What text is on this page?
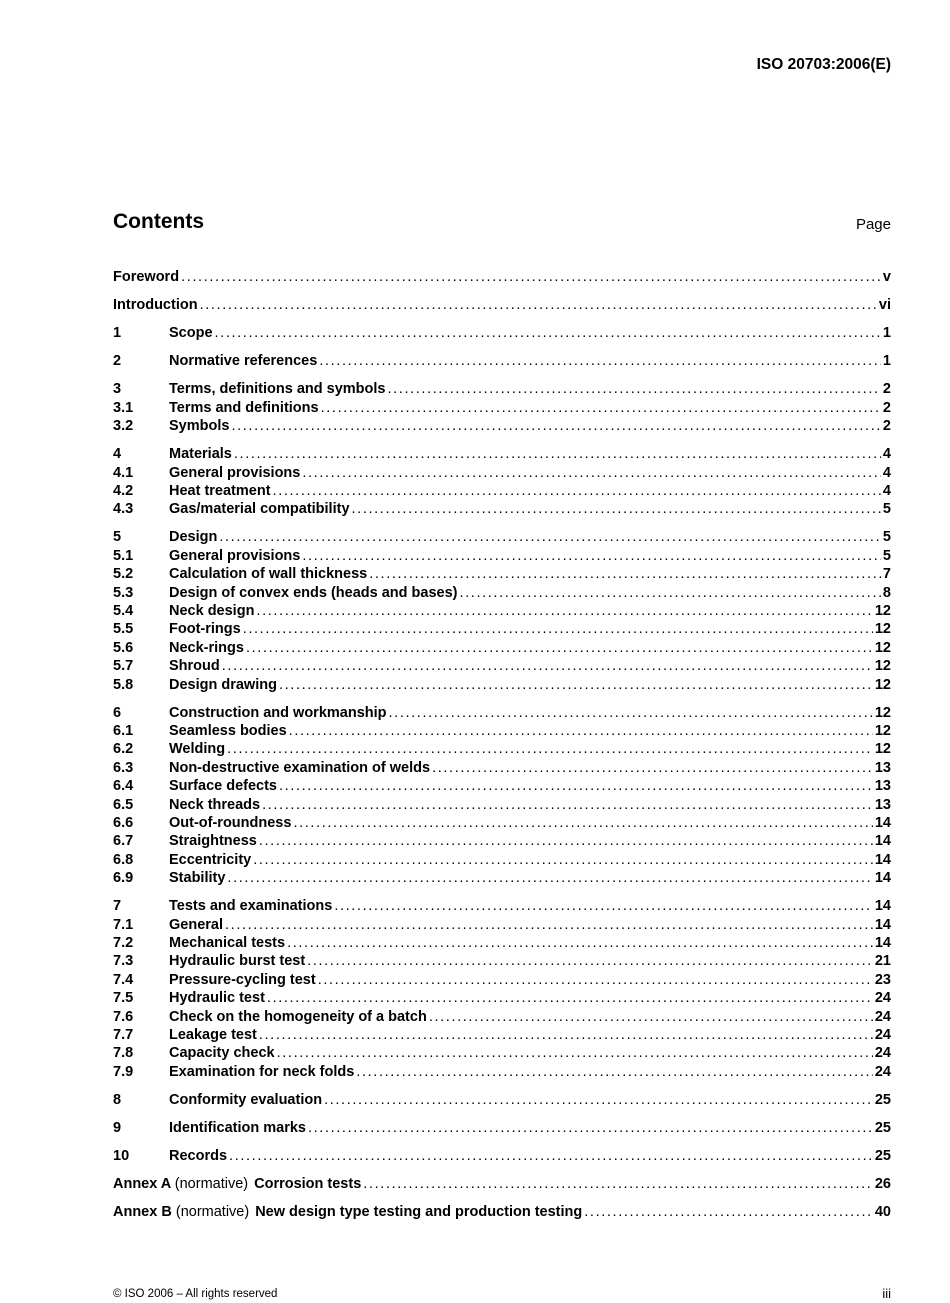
ISO 20703:2006(E)
Contents	Page
Foreword . . .	v
Introduction . . .	vi
1	Scope . . .	1
2	Normative references . . .	1
3	Terms, definitions and symbols . . .	2
3.1	Terms and definitions . . .	2
3.2	Symbols . . .	2
4	Materials . . .	4
4.1	General provisions . . .	4
4.2	Heat treatment . . .	4
4.3	Gas/material compatibility . . .	5
5	Design . . .	5
5.1	General provisions . . .	5
5.2	Calculation of wall thickness . . .	7
5.3	Design of convex ends (heads and bases) . . .	8
5.4	Neck design . . .	12
5.5	Foot-rings . . .	12
5.6	Neck-rings . . .	12
5.7	Shroud . . .	12
5.8	Design drawing . . .	12
6	Construction and workmanship . . .	12
6.1	Seamless bodies . . .	12
6.2	Welding . . .	12
6.3	Non-destructive examination of welds . . .	13
6.4	Surface defects . . .	13
6.5	Neck threads . . .	13
6.6	Out-of-roundness . . .	14
6.7	Straightness . . .	14
6.8	Eccentricity . . .	14
6.9	Stability . . .	14
7	Tests and examinations . . .	14
7.1	General . . .	14
7.2	Mechanical tests . . .	14
7.3	Hydraulic burst test . . .	21
7.4	Pressure-cycling test . . .	23
7.5	Hydraulic test . . .	24
7.6	Check on the homogeneity of a batch . . .	24
7.7	Leakage test . . .	24
7.8	Capacity check . . .	24
7.9	Examination for neck folds . . .	24
8	Conformity evaluation . . .	25
9	Identification marks . . .	25
10	Records . . .	25
Annex A (normative) Corrosion tests . . .	26
Annex B (normative) New design type testing and production testing . . .	40
© ISO 2006 – All rights reserved	iii
